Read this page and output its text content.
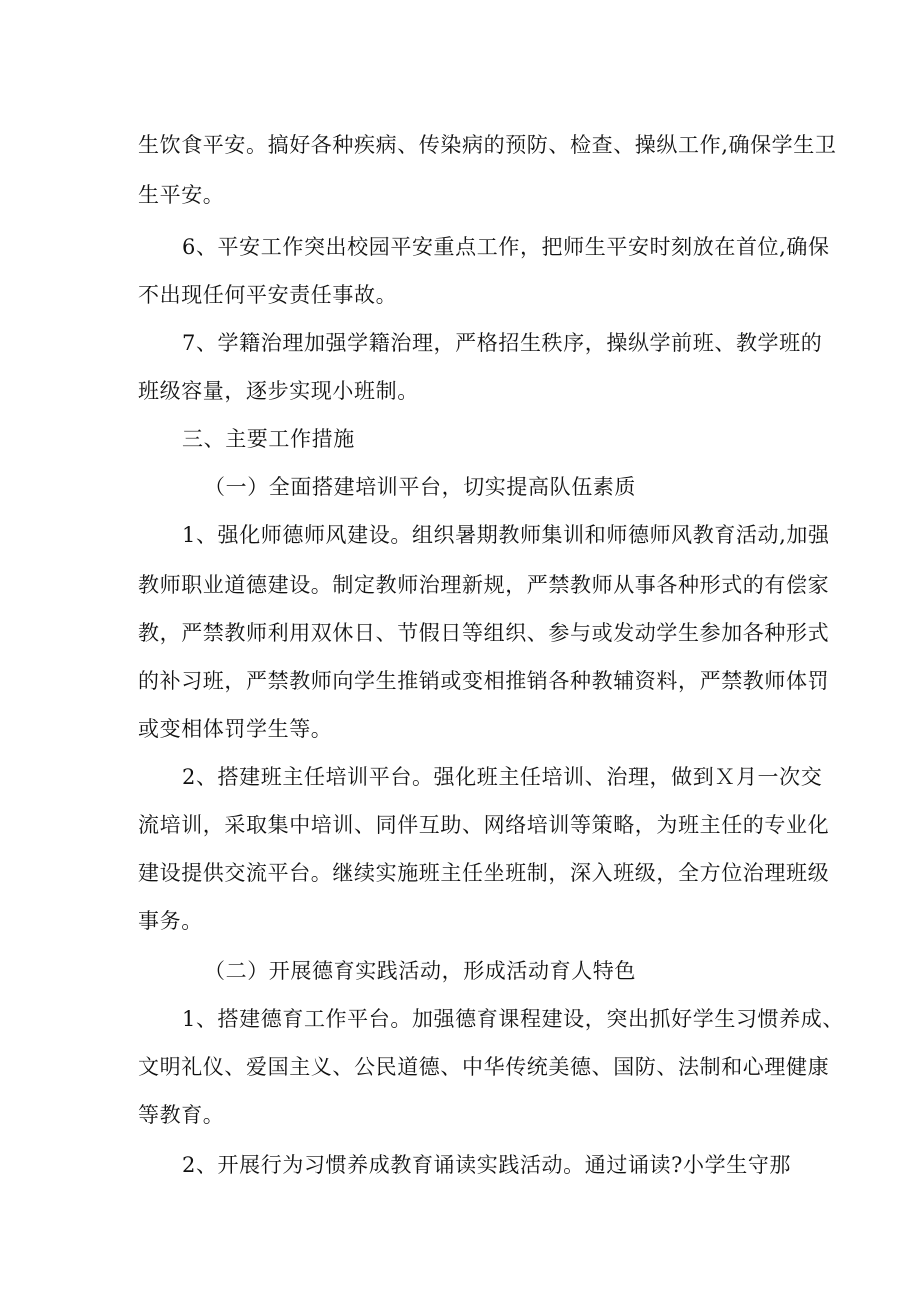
生饮食平安。搞好各种疾病、传染病的预防、检查、操纵工作,确保学生卫
生平安。
6、平安工作突出校园平安重点工作，把师生平安时刻放在首位,确保
不出现任何平安责任事故。
7、学籍治理加强学籍治理，严格招生秩序，操纵学前班、教学班的
班级容量，逐步实现小班制。
三、主要工作措施
（一）全面搭建培训平台，切实提高队伍素质
1、强化师德师风建设。组织暑期教师集训和师德师风教育活动,加强
教师职业道德建设。制定教师治理新规，严禁教师从事各种形式的有偿家
教，严禁教师利用双休日、节假日等组织、参与或发动学生参加各种形式
的补习班，严禁教师向学生推销或变相推销各种教辅资料，严禁教师体罚
或变相体罚学生等。
2、搭建班主任培训平台。强化班主任培训、治理，做到Ｘ月一次交
流培训，采取集中培训、同伴互助、网络培训等策略，为班主任的专业化
建设提供交流平台。继续实施班主任坐班制，深入班级，全方位治理班级
事务。
（二）开展德育实践活动，形成活动育人特色
1、搭建德育工作平台。加强德育课程建设，突出抓好学生习惯养成、
文明礼仪、爱国主义、公民道德、中华传统美德、国防、法制和心理健康
等教育。
2、开展行为习惯养成教育诵读实践活动。通过诵读?小学生守那
